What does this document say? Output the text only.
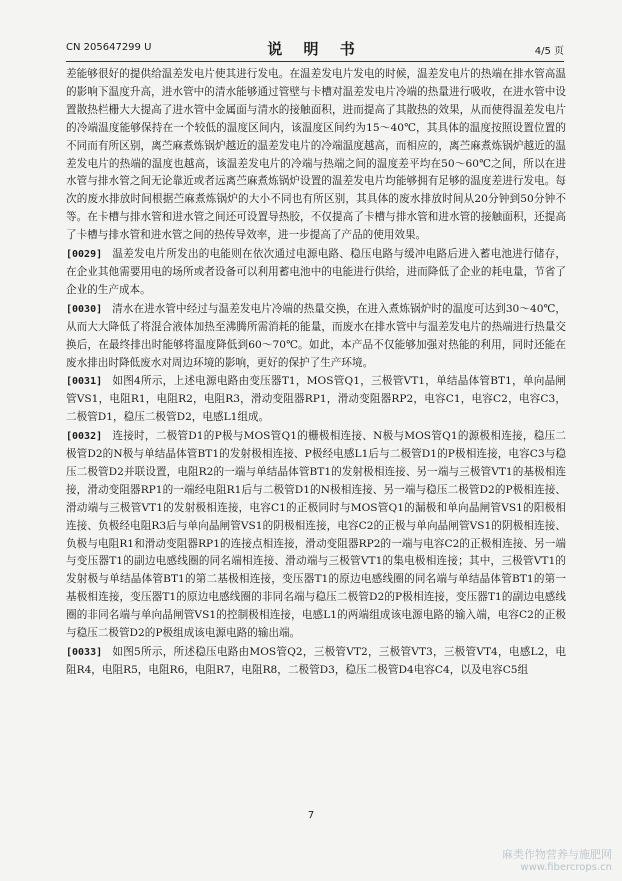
CN 205647299 U	说 明 书	4/5 页

差能够很好的提供给温差发电片使其进行发电。在温差发电片发电的时候，温差发电片的热端在排水管高温的影响下温度升高，进水管中的清水能够通过管壁与卡槽对温差发电片冷端的热量进行吸收，在进水管中设置散热栏栅大大提高了进水管中金属面与清水的接触面积，进而提高了其散热的效果，从而使得温差发电片的冷端温度能够保持在一个较低的温度区间内，该温度区间约为15～40℃，其具体的温度按照设置位置的不同而有所区别，离苎麻煮炼锅炉越近的温差发电片的冷端温度越高，而相应的，离苎麻煮炼锅炉越近的温差发电片的热端的温度也越高，该温差发电片的冷端与热端之间的温度差平均在50～60℃之间，所以在进水管与排水管之间无论靠近或者远离苎麻煮炼锅炉设置的温差发电片均能够拥有足够的温度差进行发电。每次的废水排放时间根据苎麻煮炼锅炉的大小不同也有所区别，其具体的废水排放时间从20分钟到50分钟不等。在卡槽与排水管和进水管之间还可设置导热胶，不仅提高了卡槽与排水管和进水管的接触面积，还提高了卡槽与排水管和进水管之间的热传导效率，进一步提高了产品的使用效果。

[0029] 温差发电片所发出的电能则在依次通过电源电路、稳压电路与缓冲电路后进入蓄电池进行储存，在企业其他需要用电的场所或者设备可以利用蓄电池中的电能进行供给，进而降低了企业的耗电量，节省了企业的生产成本。

[0030] 清水在进水管中经过与温差发电片冷端的热量交换，在进入煮炼锅炉时的温度可达到30～40℃，从而大大降低了将混合液体加热至沸腾所需消耗的能量，而废水在排水管中与温差发电片的热端进行热量交换后，在最终排出时能够将温度降低到60～70℃。如此，本产品不仅能够加强对热能的利用，同时还能在废水排出时降低废水对周边环境的影响，更好的保护了生产环境。

[0031] 如图4所示，上述电源电路由变压器T1，MOS管Q1，三极管VT1，单结晶体管BT1，单向晶闸管VS1，电阻R1，电阻R2，电阻R3，滑动变阻器RP1，滑动变阻器RP2，电容C1，电容C2，电容C3，二极管D1，稳压二极管D2，电感L1组成。

[0032] 连接时，二极管D1的P极与MOS管Q1的栅极相连接、N极与MOS管Q1的源极相连接，稳压二极管D2的N极与单结晶体管BT1的发射极相连接、P极经电感L1后与二极管D1的P极相连接，电容C3与稳压二极管D2并联设置，电阻R2的一端与单结晶体管BT1的发射极相连接、另一端与三极管VT1的基极相连接，滑动变阻器RP1的一端经电阻R1后与二极管D1的N极相连接、另一端与稳压二极管D2的P极相连接、滑动端与三极管VT1的发射极相连接，电容C1的正极同时与MOS管Q1的漏极和单向晶闸管VS1的阳极相连接、负极经电阻R3后与单向晶闸管VS1的阴极相连接，电容C2的正极与单向晶闸管VS1的阴极相连接、负极与电阻R1和滑动变阻器RP1的连接点相连接，滑动变阻器RP2的一端与电容C2的正极相连接、另一端与变压器T1的副边电感线圈的同名端相连接、滑动端与三极管VT1的集电极相连接；其中，三极管VT1的发射极与单结晶体管BT1的第二基极相连接，变压器T1的原边电感线圈的同名端与单结晶体管BT1的第一基极相连接，变压器T1的原边电感线圈的非同名端与稳压二极管D2的P极相连接，变压器T1的副边电感线圈的非同名端与单向晶闸管VS1的控制极相连接，电感L1的两端组成该电源电路的输入端，电容C2的正极与稳压二极管D2的P极组成该电源电路的输出端。

[0033] 如图5所示，所述稳压电路由MOS管Q2，三极管VT2，三极管VT3，三极管VT4，电感L2，电阻R4，电阻R5，电阻R6，电阻R7，电阻R8，二极管D3，稳压二极管D4电容C4，以及电容C5组

7
麻类作物营养与施肥网
www.fibercrops.cn
